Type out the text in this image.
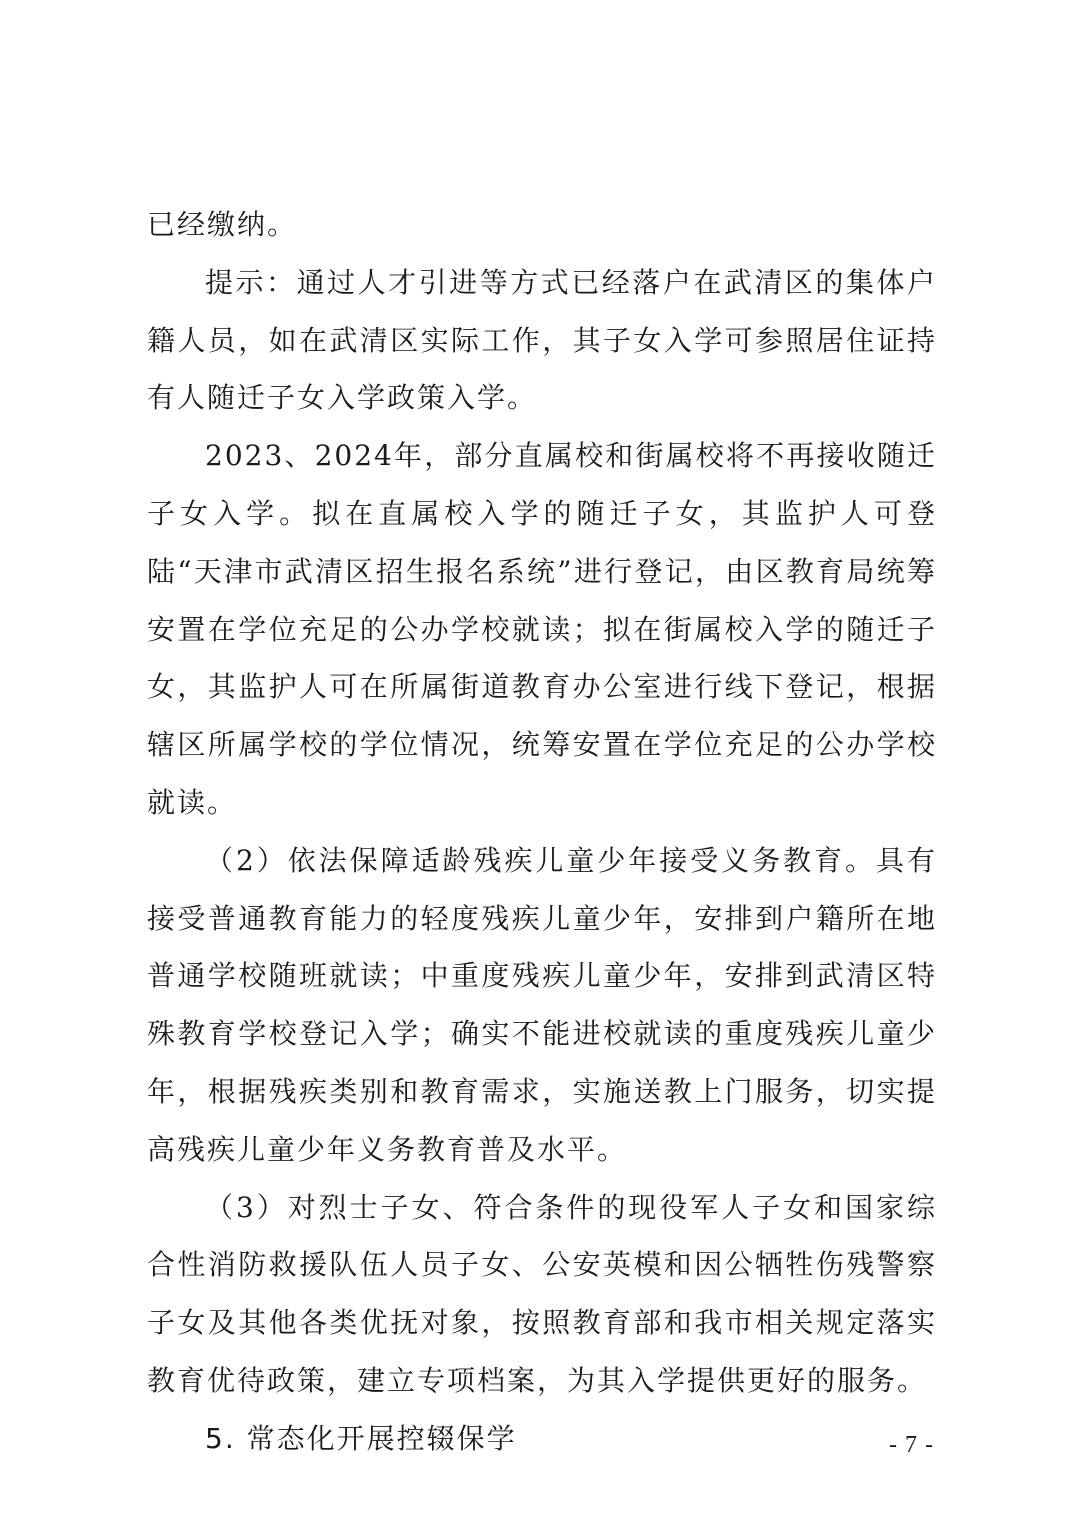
已经缴纳。

提示：通过人才引进等方式已经落户在武清区的集体户籍人员，如在武清区实际工作，其子女入学可参照居住证持有人随迁子女入学政策入学。

2023、2024年，部分直属校和街属校将不再接收随迁子女入学。拟在直属校入学的随迁子女，其监护人可登陆“天津市武清区招生报名系统”进行登记，由区教育局统筹安置在学位充足的公办学校就读；拟在街属校入学的随迁子女，其监护人可在所属街道教育办公室进行线下登记，根据辖区所属学校的学位情况，统筹安置在学位充足的公办学校就读。

（2）依法保障适龄残疾儿童少年接受义务教育。具有接受普通教育能力的轻度残疾儿童少年，安排到户籍所在地普通学校随班就读；中重度残疾儿童少年，安排到武清区特殊教育学校登记入学；确实不能进校就读的重度残疾儿童少年，根据残疾类别和教育需求，实施送教上门服务，切实提高残疾儿童少年义务教育普及水平。

（3）对烈士子女、符合条件的现役军人子女和国家综合性消防救援队伍人员子女、公安英模和因公牺牲伤残警察子女及其他各类优抚对象，按照教育部和我市相关规定落实教育优待政策，建立专项档案，为其入学提供更好的服务。

5. 常态化开展控辍保学	- 7 -
